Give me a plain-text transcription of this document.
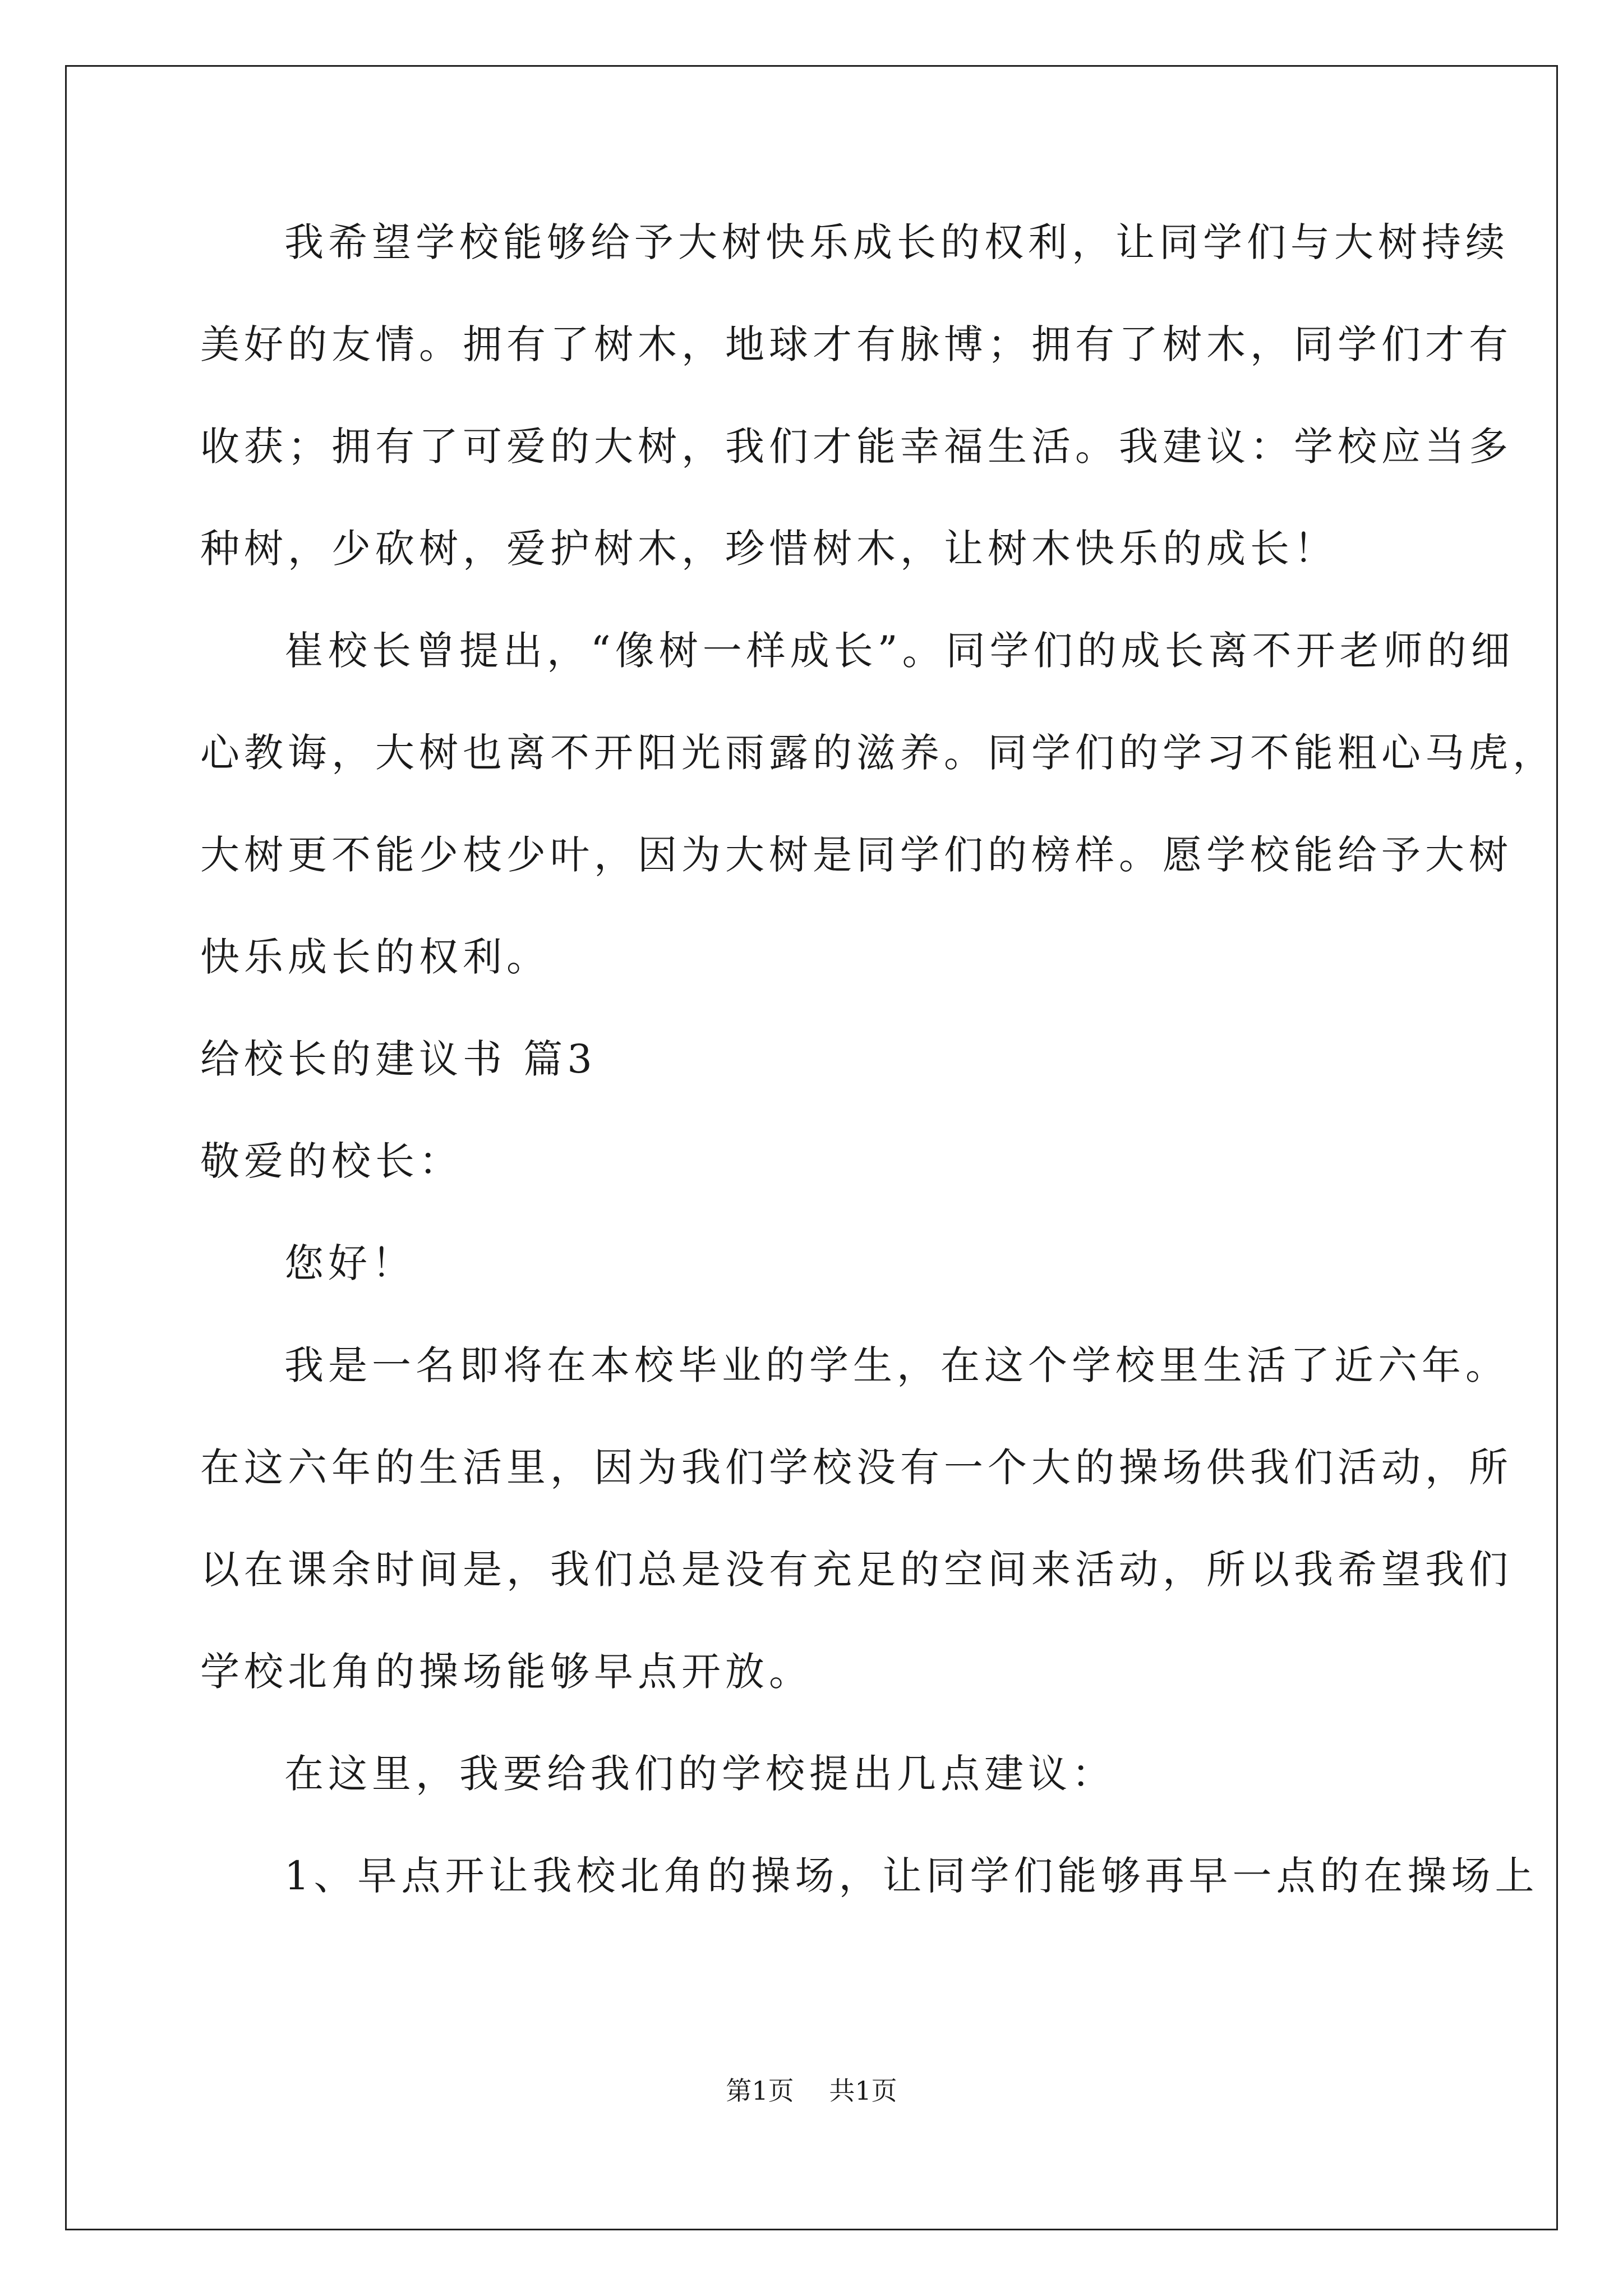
我希望学校能够给予大树快乐成长的权利，让同学们与大树持续
美好的友情。拥有了树木，地球才有脉博；拥有了树木，同学们才有
收获；拥有了可爱的大树，我们才能幸福生活。我建议：学校应当多
种树，少砍树，爱护树木，珍惜树木，让树木快乐的成长！
崔校长曾提出，“像树一样成长”。同学们的成长离不开老师的细
心教诲，大树也离不开阳光雨露的滋养。同学们的学习不能粗心马虎，
大树更不能少枝少叶，因为大树是同学们的榜样。愿学校能给予大树
快乐成长的权利。
给校长的建议书 篇3
敬爱的校长：
您好！
我是一名即将在本校毕业的学生，在这个学校里生活了近六年。
在这六年的生活里，因为我们学校没有一个大的操场供我们活动，所
以在课余时间是，我们总是没有充足的空间来活动，所以我希望我们
学校北角的操场能够早点开放。
在这里，我要给我们的学校提出几点建议：
1、早点开让我校北角的操场，让同学们能够再早一点的在操场上
第1页 共1页
